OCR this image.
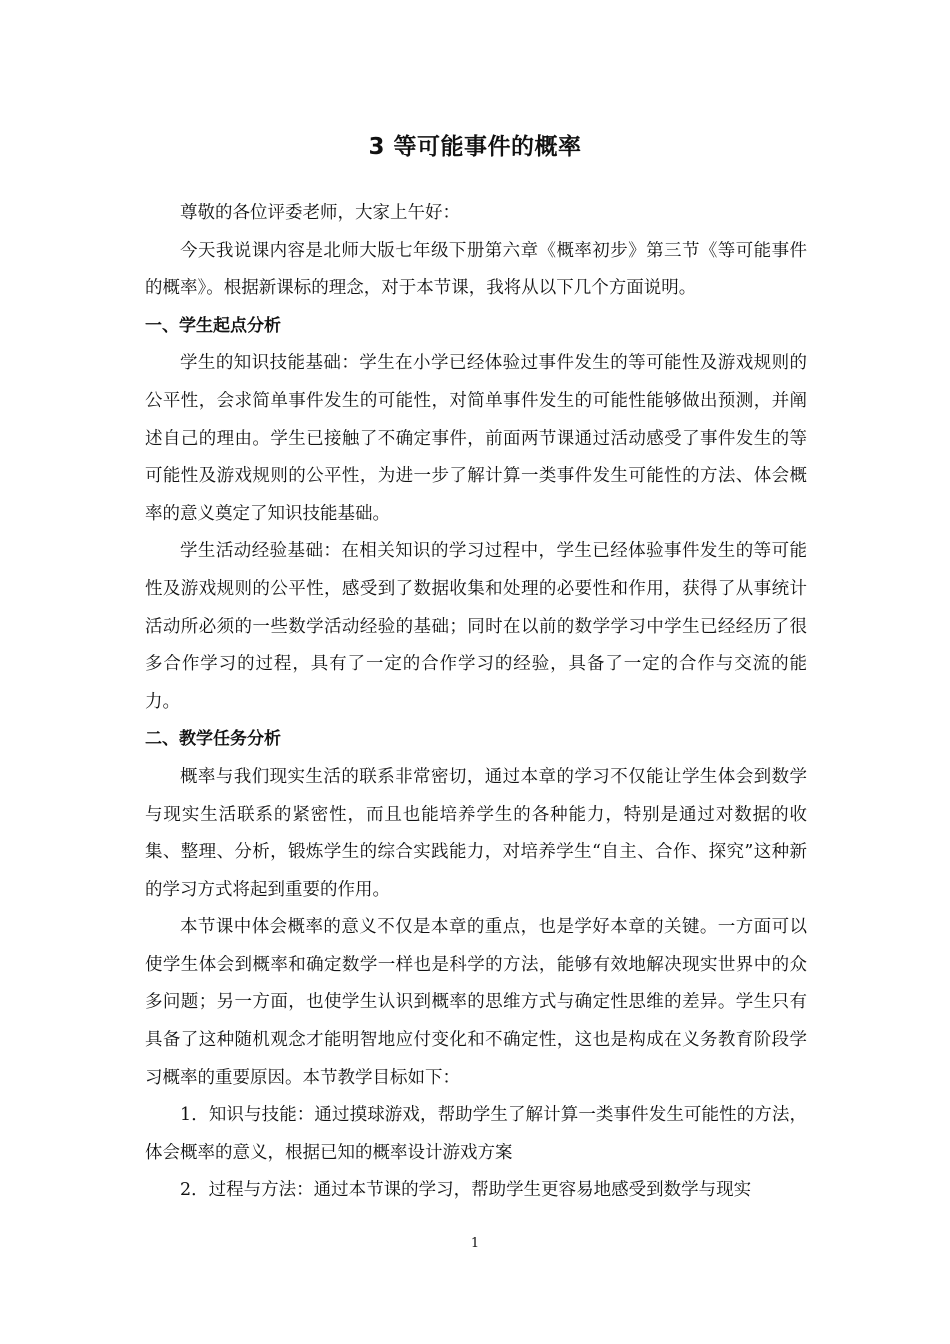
3 等可能事件的概率

尊敬的各位评委老师，大家上午好：

今天我说课内容是北师大版七年级下册第六章《概率初步》第三节《等可能事件的概率》。根据新课标的理念，对于本节课，我将从以下几个方面说明。

一、学生起点分析

学生的知识技能基础：学生在小学已经体验过事件发生的等可能性及游戏规则的公平性，会求简单事件发生的可能性，对简单事件发生的可能性能够做出预测，并阐述自己的理由。学生已接触了不确定事件，前面两节课通过活动感受了事件发生的等可能性及游戏规则的公平性，为进一步了解计算一类事件发生可能性的方法、体会概率的意义奠定了知识技能基础。

学生活动经验基础：在相关知识的学习过程中，学生已经体验事件发生的等可能性及游戏规则的公平性，感受到了数据收集和处理的必要性和作用，获得了从事统计活动所必须的一些数学活动经验的基础；同时在以前的数学学习中学生已经经历了很多合作学习的过程，具有了一定的合作学习的经验，具备了一定的合作与交流的能力。

二、教学任务分析

概率与我们现实生活的联系非常密切，通过本章的学习不仅能让学生体会到数学与现实生活联系的紧密性，而且也能培养学生的各种能力，特别是通过对数据的收集、整理、分析，锻炼学生的综合实践能力，对培养学生“自主、合作、探究”这种新的学习方式将起到重要的作用。

本节课中体会概率的意义不仅是本章的重点，也是学好本章的关键。一方面可以使学生体会到概率和确定数学一样也是科学的方法，能够有效地解决现实世界中的众多问题；另一方面，也使学生认识到概率的思维方式与确定性思维的差异。学生只有具备了这种随机观念才能明智地应付变化和不确定性，这也是构成在义务教育阶段学习概率的重要原因。本节教学目标如下：

1．知识与技能：通过摸球游戏，帮助学生了解计算一类事件发生可能性的方法，体会概率的意义，根据已知的概率设计游戏方案

2．过程与方法：通过本节课的学习，帮助学生更容易地感受到数学与现实

1
